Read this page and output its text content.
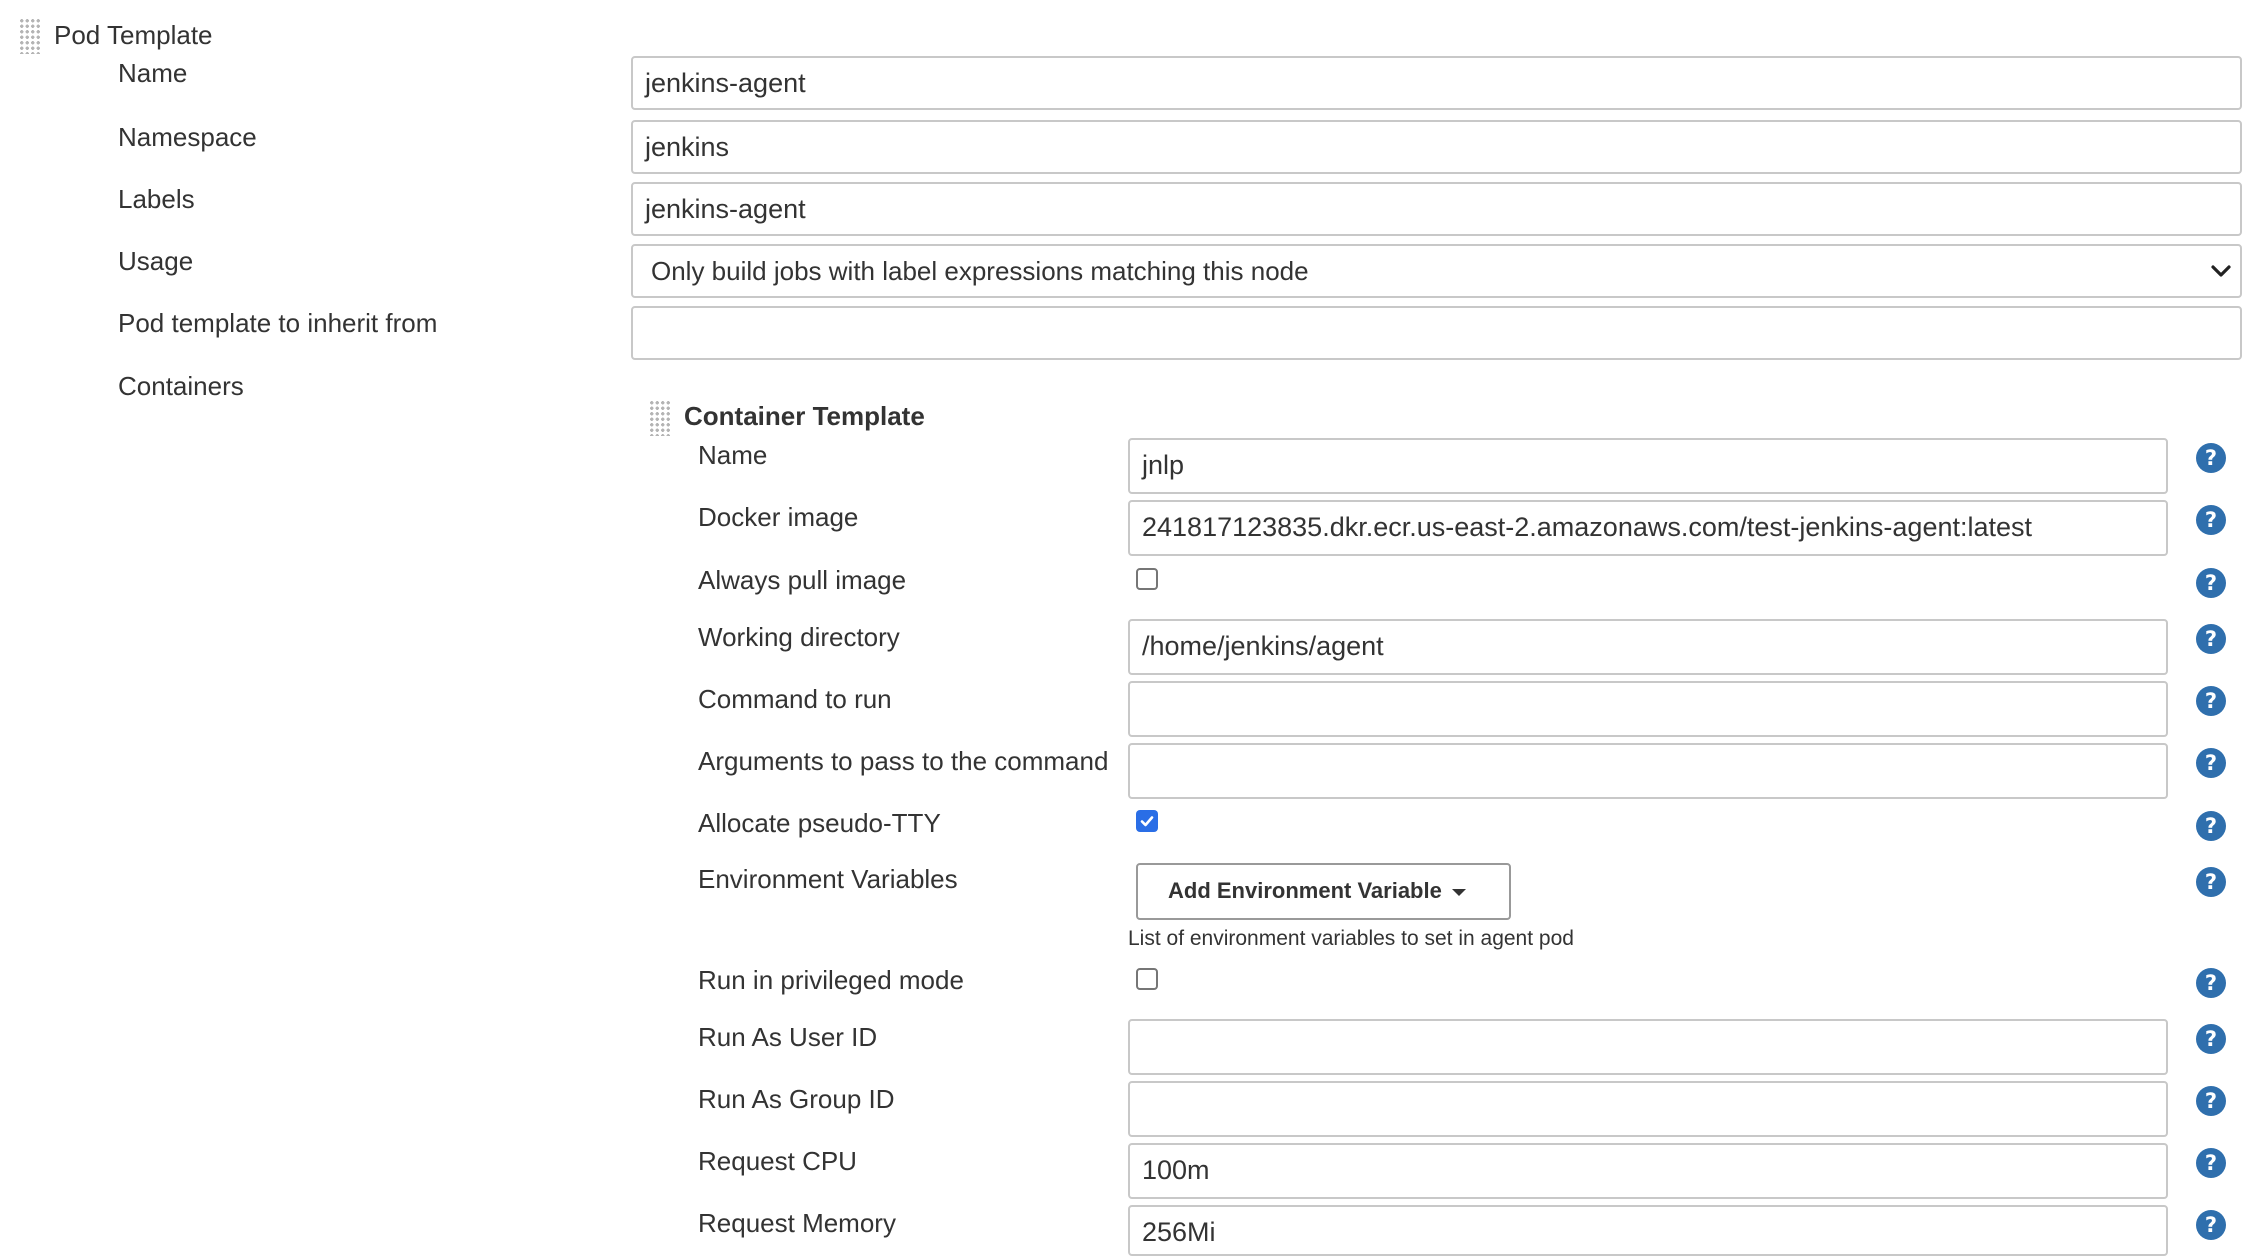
Pod Template
Name	jenkins-agent
Namespace	jenkins
Labels	jenkins-agent
Usage	Only build jobs with label expressions matching this node
Pod template to inherit from
Containers
Container Template
Name	jnlp	?
Docker image	241817123835.dkr.ecr.us-east-2.amazonaws.com/test-jenkins-agent:latest	?
Always pull image	?
Working directory	/home/jenkins/agent	?
Command to run	?
Arguments to pass to the command	?
Allocate pseudo-TTY	?
Environment Variables	Add Environment Variable	?
List of environment variables to set in agent pod
Run in privileged mode	?
Run As User ID	?
Run As Group ID	?
Request CPU	100m	?
Request Memory	256Mi	?
